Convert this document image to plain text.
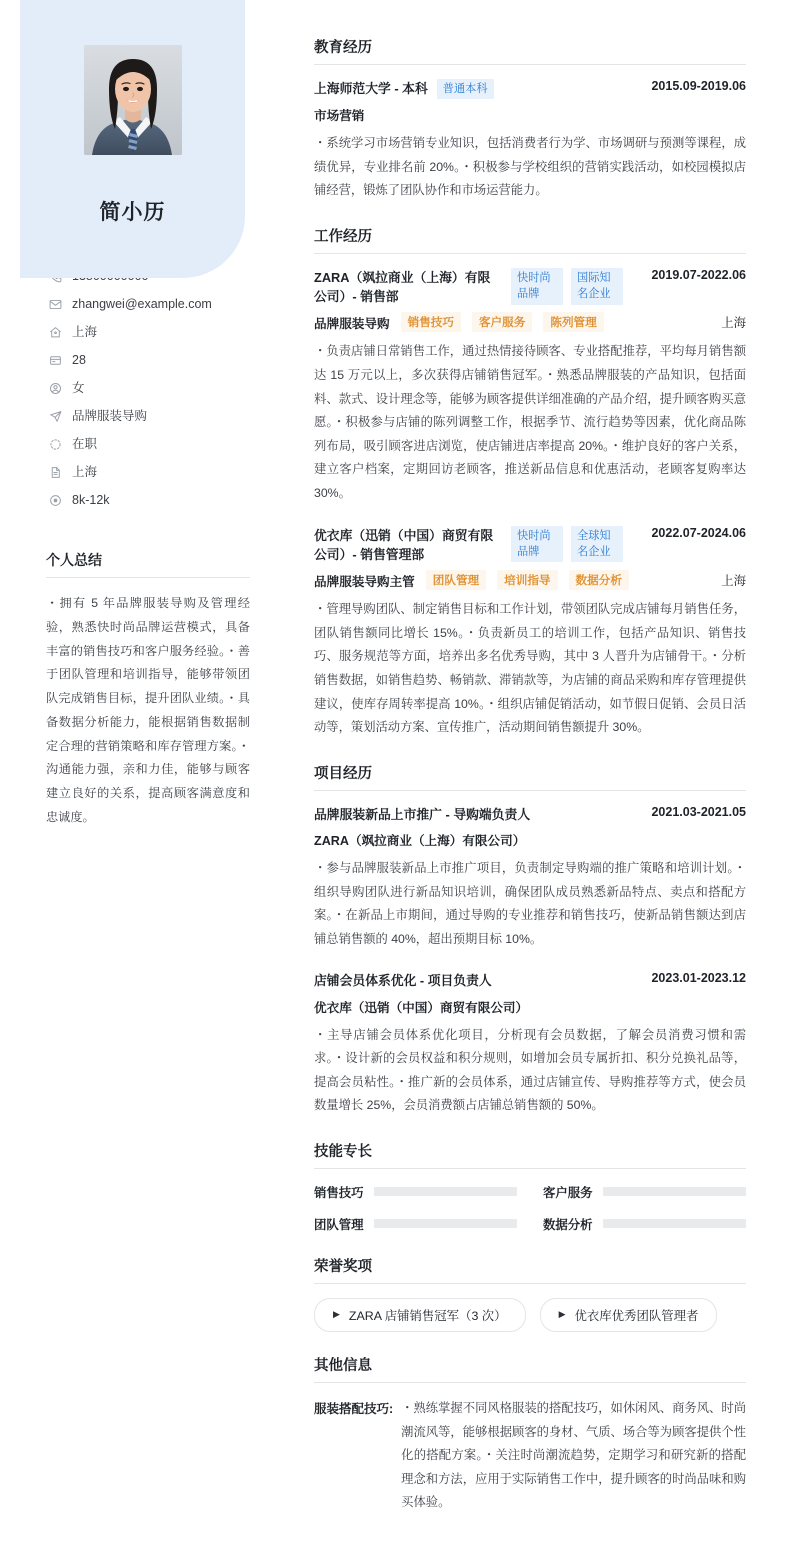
简小历
zhangwei@example.com
上海
28
女
品牌服装导购
在职
上海
8k-12k
个人总结
・拥有 5 年品牌服装导购及管理经验，熟悉快时尚品牌运营模式，具备丰富的销售技巧和客户服务经验。・善于团队管理和培训指导，能够带领团队完成销售目标，提升团队业绩。・具备数据分析能力，能根据销售数据制定合理的营销策略和库存管理方案。・沟通能力强，亲和力佳，能够与顾客建立良好的关系，提高顾客满意度和忠诚度。
教育经历
上海师范大学 - 本科	普通本科	2015.09-2019.06
市场营销
・系统学习市场营销专业知识，包括消费者行为学、市场调研与预测等课程，成绩优异，专业排名前 20%。・积极参与学校组织的营销实践活动，如校园模拟店铺经营，锻炼了团队协作和市场运营能力。
工作经历
ZARA（飒拉商业（上海）有限公司）- 销售部
快时尚品牌
国际知名企业
2019.07-2022.06
品牌服装导购	销售技巧	客户服务	陈列管理	上海
・负责店铺日常销售工作，通过热情接待顾客、专业搭配推荐，平均每月销售额达 15 万元以上，多次获得店铺销售冠军。・熟悉品牌服装的产品知识，包括面料、款式、设计理念等，能够为顾客提供详细准确的产品介绍，提升顾客购买意愿。・积极参与店铺的陈列调整工作，根据季节、流行趋势等因素，优化商品陈列布局，吸引顾客进店浏览，使店铺进店率提高 20%。・维护良好的客户关系，建立客户档案，定期回访老顾客，推送新品信息和优惠活动，老顾客复购率达 30%。
优衣库（迅销（中国）商贸有限公司）- 销售管理部
快时尚品牌
全球知名企业
2022.07-2024.06
品牌服装导购主管	团队管理	培训指导	数据分析	上海
・管理导购团队、制定销售目标和工作计划，带领团队完成店铺每月销售任务，团队销售额同比增长 15%。・负责新员工的培训工作，包括产品知识、销售技巧、服务规范等方面，培养出多名优秀导购，其中 3 人晋升为店铺骨干。・分析销售数据，如销售趋势、畅销款、滞销款等，为店铺的商品采购和库存管理提供建议，使库存周转率提高 10%。・组织店铺促销活动，如节假日促销、会员日活动等，策划活动方案、宣传推广，活动期间销售额提升 30%。
项目经历
品牌服装新品上市推广 - 导购端负责人	2021.03-2021.05
ZARA（飒拉商业（上海）有限公司）
・参与品牌服装新品上市推广项目，负责制定导购端的推广策略和培训计划。・组织导购团队进行新品知识培训，确保团队成员熟悉新品特点、卖点和搭配方案。・在新品上市期间，通过导购的专业推荐和销售技巧，使新品销售额达到店铺总销售额的 40%，超出预期目标 10%。
店铺会员体系优化 - 项目负责人	2023.01-2023.12
优衣库（迅销（中国）商贸有限公司）
・主导店铺会员体系优化项目，分析现有会员数据，了解会员消费习惯和需求。・设计新的会员权益和积分规则，如增加会员专属折扣、积分兑换礼品等，提高会员粘性。・推广新的会员体系，通过店铺宣传、导购推荐等方式，使会员数量增长 25%，会员消费额占店铺总销售额的 50%。
技能专长
销售技巧	客户服务
团队管理	数据分析
荣誉奖项
▶ ZARA 店铺销售冠军（3 次）	▶ 优衣库优秀团队管理者
其他信息
服装搭配技巧: ・熟练掌握不同风格服装的搭配技巧，如休闲风、商务风、时尚潮流风等，能够根据顾客的身材、气质、场合等为顾客提供个性化的搭配方案。・关注时尚潮流趋势，定期学习和研究新的搭配理念和方法，应用于实际销售工作中，提升顾客的时尚品味和购买体验。
